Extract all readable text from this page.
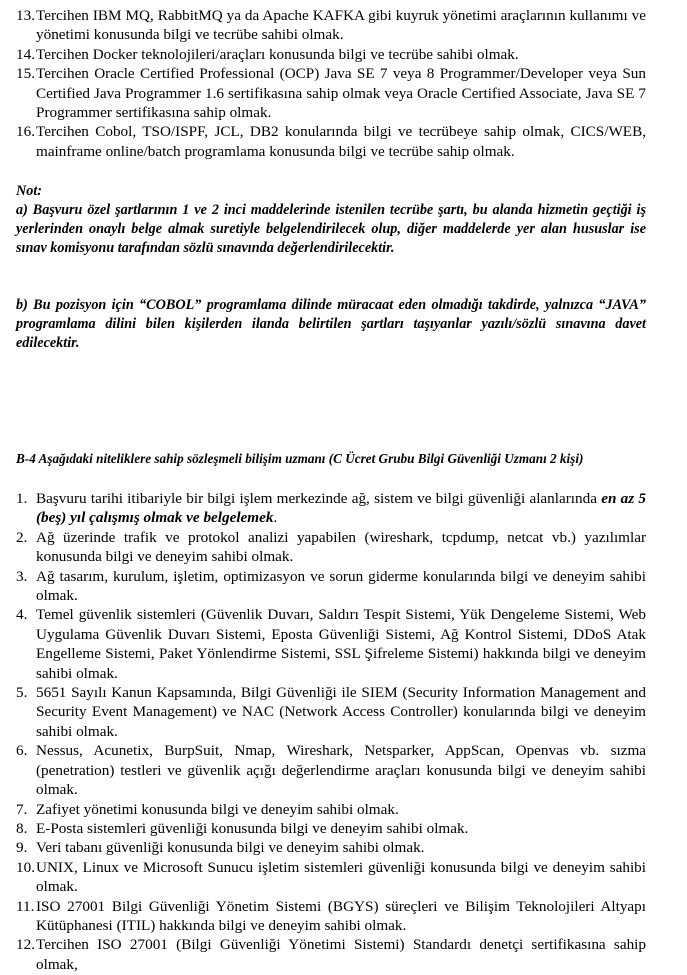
13. Tercihen IBM MQ, RabbitMQ ya da Apache KAFKA gibi kuyruk yönetimi araçlarının kullanımı ve yönetimi konusunda bilgi ve tecrübe sahibi olmak.
14. Tercihen Docker teknolojileri/araçları konusunda bilgi ve tecrübe sahibi olmak.
15. Tercihen Oracle Certified Professional (OCP) Java SE 7 veya 8 Programmer/Developer veya Sun Certified Java Programmer 1.6 sertifikasına sahip olmak veya Oracle Certified Associate, Java SE 7 Programmer sertifikasına sahip olmak.
16. Tercihen Cobol, TSO/ISPF, JCL, DB2 konularında bilgi ve tecrübeye sahip olmak, CICS/WEB, mainframe online/batch programlama konusunda bilgi ve tecrübe sahip olmak.
Not:
a) Başvuru özel şartlarının 1 ve 2 inci maddelerinde istenilen tecrübe şartı, bu alanda hizmetin geçtiği iş yerlerinden onaylı belge almak suretiyle belgelendirilecek olup, diğer maddelerde yer alan hususlar ise sınav komisyonu tarafından sözlü sınavında değerlendirilecektir.
b) Bu pozisyon için “COBOL” programlama dilinde müracaat eden olmadığı takdirde, yalnızca “JAVA” programlama dilini bilen kişilerden ilanda belirtilen şartları taşıyanlar yazılı/sözlü sınavına davet edilecektir.
B-4 Aşağıdaki niteliklere sahip sözleşmeli bilişim uzmanı (C Ücret Grubu Bilgi Güvenliği Uzmanı 2 kişi)
1. Başvuru tarihi itibariyle bir bilgi işlem merkezinde ağ, sistem ve bilgi güvenliği alanlarında en az 5 (beş) yıl çalışmış olmak ve belgelemek.
2. Ağ üzerinde trafik ve protokol analizi yapabilen (wireshark, tcpdump, netcat vb.) yazılımlar konusunda bilgi ve deneyim sahibi olmak.
3. Ağ tasarım, kurulum, işletim, optimizasyon ve sorun giderme konularında bilgi ve deneyim sahibi olmak.
4. Temel güvenlik sistemleri (Güvenlik Duvarı, Saldırı Tespit Sistemi, Yük Dengeleme Sistemi, Web Uygulama Güvenlik Duvarı Sistemi, Eposta Güvenliği Sistemi, Ağ Kontrol Sistemi, DDoS Atak Engelleme Sistemi, Paket Yönlendirme Sistemi, SSL Şifreleme Sistemi) hakkında bilgi ve deneyim sahibi olmak.
5. 5651 Sayılı Kanun Kapsamında, Bilgi Güvenliği ile SIEM (Security Information Management and Security Event Management) ve NAC (Network Access Controller) konularında bilgi ve deneyim sahibi olmak.
6. Nessus, Acunetix, BurpSuit, Nmap, Wireshark, Netsparker, AppScan, Openvas vb. sızma (penetration) testleri ve güvenlik açığı değerlendirme araçları konusunda bilgi ve deneyim sahibi olmak.
7. Zafiyet yönetimi konusunda bilgi ve deneyim sahibi olmak.
8. E-Posta sistemleri güvenliği konusunda bilgi ve deneyim sahibi olmak.
9. Veri tabanı güvenliği konusunda bilgi ve deneyim sahibi olmak.
10. UNIX, Linux ve Microsoft Sunucu işletim sistemleri güvenliği konusunda bilgi ve deneyim sahibi olmak.
11. ISO 27001 Bilgi Güvenliği Yönetim Sistemi (BGYS) süreçleri ve Bilişim Teknolojileri Altyapı Kütüphanesi (ITIL) hakkında bilgi ve deneyim sahibi olmak.
12. Tercihen ISO 27001 (Bilgi Güvenliği Yönetimi Sistemi) Standardı denetçi sertifikasına sahip olmak,
